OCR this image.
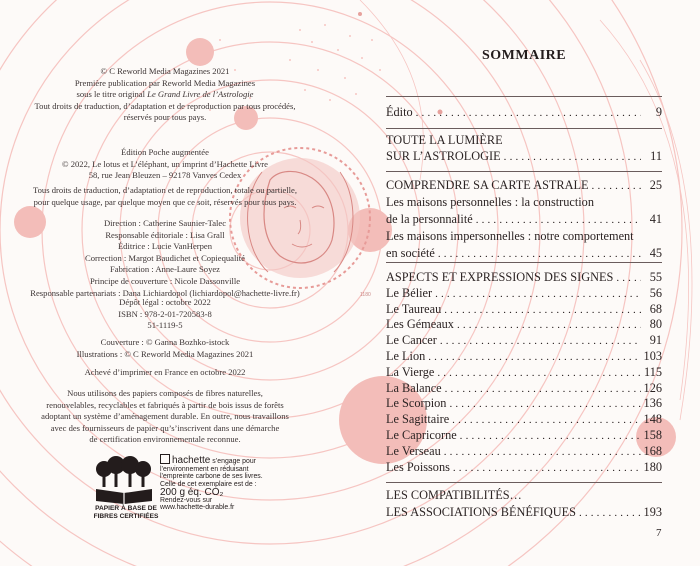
1180

© C Reworld Media Magazines 2021

Première publication par Reworld Media Magazines

sous le titre original Le Grand Livre de l’Astrologie

Tout droits de traduction, d’adaptation et de reproduction par tous procédés,

réservés pour tous pays.

Édition Poche augmentée

© 2022, Le lotus et L’éléphant, un imprint d’Hachette Livre

58, rue Jean Bleuzen – 92178 Vanves Cedex

Tous droits de traduction, d’adaptation et de reproduction, totale ou partielle,

pour quelque usage, par quelque moyen que ce soit, réservés pour tous pays.

Direction : Catherine Saunier-Talec

Responsable éditoriale : Lisa Grall

Éditrice : Lucie VanHerpen

Correction : Margot Baudichet et Copiequalité

Fabrication : Anne-Laure Soyez

Principe de couverture : Nicole Dassonville

Responsable partenariats : Dana Lichiardopol (lichiardopol@hachette-livre.fr)

Dépôt légal : octobre 2022

ISBN : 978-2-01-720583-8

51-1119-5

Couverture : © Ganna Bozhko-istock

Illustrations : © C Reworld Media Magazines 2021

Achevé d’imprimer en France en octobre 2022

Nous utilisons des papiers composés de fibres naturelles,

renouvelables, recyclables et fabriqués à partir de bois issus de forêts

adoptant un système d’aménagement durable. En outre, nous travaillons

avec des fournisseurs de papier qu’s’inscrivent dans une démarche

de certification environnementale reconnue.

PAPIER À BASE DE
FIBRES CERTIFIÉES
hachette s’engage pour
l’environnement en réduisant
l’empreinte carbone de ses livres.
Celle de cet exemplaire est de :
200 g éq. CO₂
Rendez-vous sur
www.hachette-durable.fr
SOMMAIRE
Édito . . .	9
TOUTE LA LUMIÈRE
SUR L’ASTROLOGIE . . .	11
COMPRENDRE SA CARTE ASTRALE . . .	25
Les maisons personnelles : la construction
de la personnalité . . .	41
Les maisons impersonnelles : notre comportement
en société . . .	45
ASPECTS ET EXPRESSIONS DES SIGNES . . .	55
Le Bélier . . .	56
Le Taureau . . .	68
Les Gémeaux . . .	80
Le Cancer . . .	91
Le Lion . . .	103
La Vierge . . .	115
La Balance . . .	126
Le Scorpion . . .	136
Le Sagittaire . . .	148
Le Capricorne . . .	158
Le Verseau . . .	168
Les Poissons . . .	180
LES COMPATIBILITÉS…
LES ASSOCIATIONS BÉNÉFIQUES . . .	193
7
